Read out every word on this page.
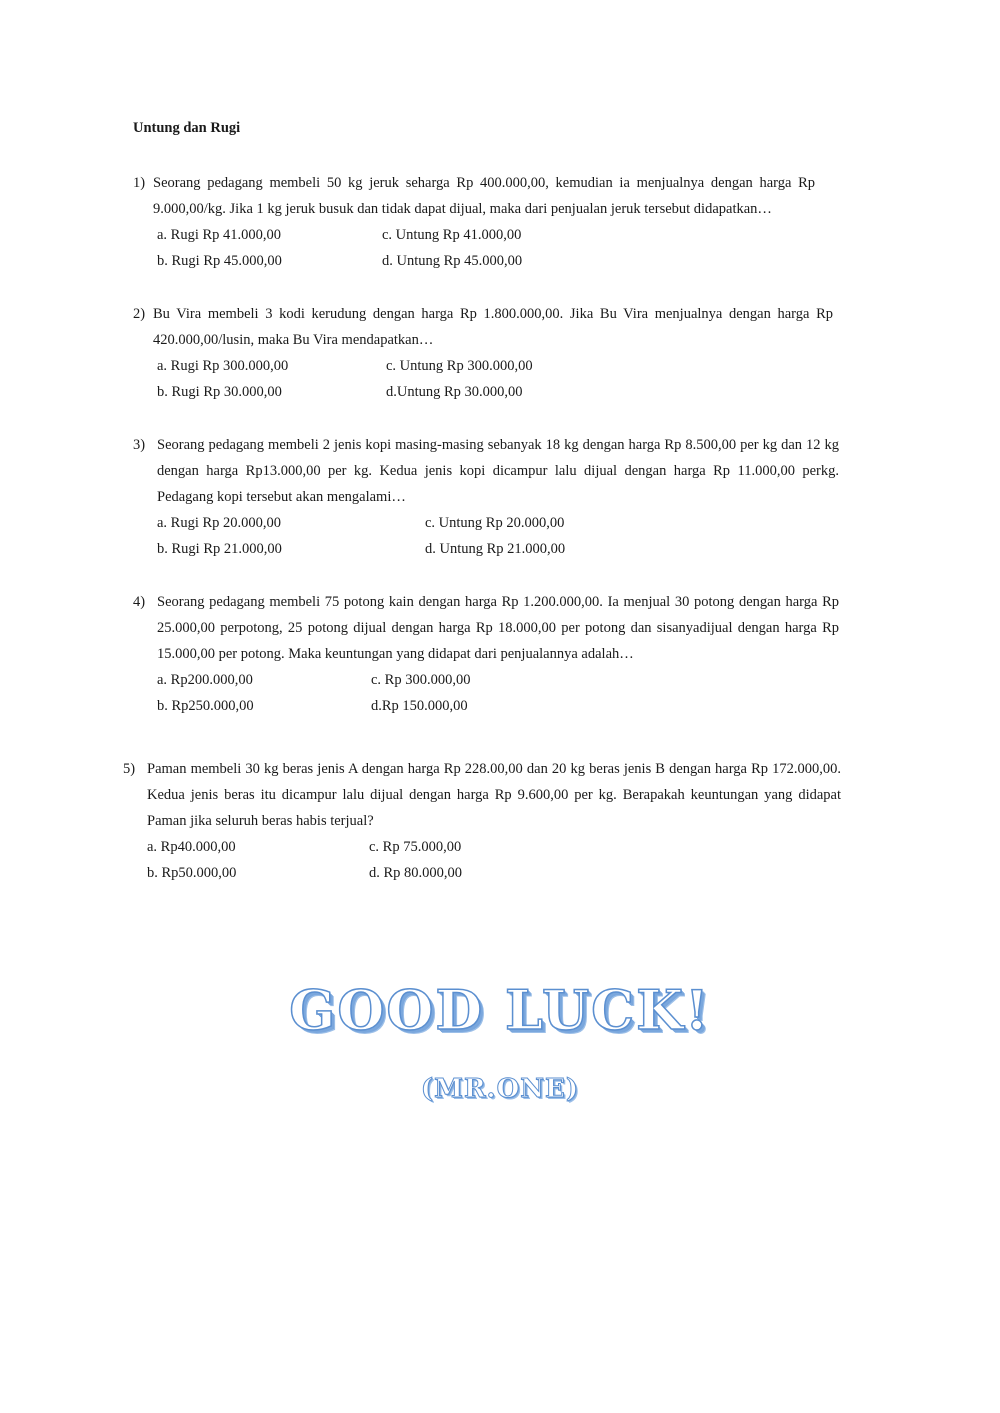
Untung dan Rugi
1) Seorang pedagang membeli 50 kg jeruk seharga Rp 400.000,00, kemudian ia menjualnya dengan harga Rp 9.000,00/kg. Jika 1 kg jeruk busuk dan tidak dapat dijual, maka dari penjualan jeruk tersebut didapatkan…
a. Rugi Rp 41.000,00	c. Untung Rp 41.000,00
b. Rugi Rp 45.000,00	d. Untung Rp 45.000,00
2) Bu Vira membeli 3 kodi kerudung dengan harga Rp 1.800.000,00. Jika Bu Vira menjualnya dengan harga Rp 420.000,00/lusin, maka Bu Vira mendapatkan…
a. Rugi Rp 300.000,00	c. Untung Rp 300.000,00
b. Rugi Rp 30.000,00	d.Untung Rp 30.000,00
3) Seorang pedagang membeli 2 jenis kopi masing-masing sebanyak 18 kg dengan harga Rp 8.500,00 per kg dan 12 kg dengan harga Rp13.000,00 per kg. Kedua jenis kopi dicampur lalu dijual dengan harga Rp 11.000,00 perkg. Pedagang kopi tersebut akan mengalami…
a. Rugi Rp 20.000,00	c. Untung Rp 20.000,00
b. Rugi Rp 21.000,00	d. Untung Rp 21.000,00
4) Seorang pedagang membeli 75 potong kain dengan harga Rp 1.200.000,00. Ia menjual 30 potong dengan harga Rp 25.000,00 perpotong, 25 potong dijual dengan harga Rp 18.000,00 per potong dan sisanyadijual dengan harga Rp 15.000,00 per potong. Maka keuntungan yang didapat dari penjualannya adalah…
a. Rp200.000,00	c. Rp 300.000,00
b. Rp250.000,00	d.Rp 150.000,00
5) Paman membeli 30 kg beras jenis A dengan harga Rp 228.00,00 dan 20 kg beras jenis B dengan harga Rp 172.000,00. Kedua jenis beras itu dicampur lalu dijual dengan harga Rp 9.600,00 per kg. Berapakah keuntungan yang didapat Paman jika seluruh beras habis terjual?
a. Rp40.000,00	c. Rp 75.000,00
b. Rp50.000,00	d. Rp 80.000,00
GOOD LUCK!
(MR.ONE)
